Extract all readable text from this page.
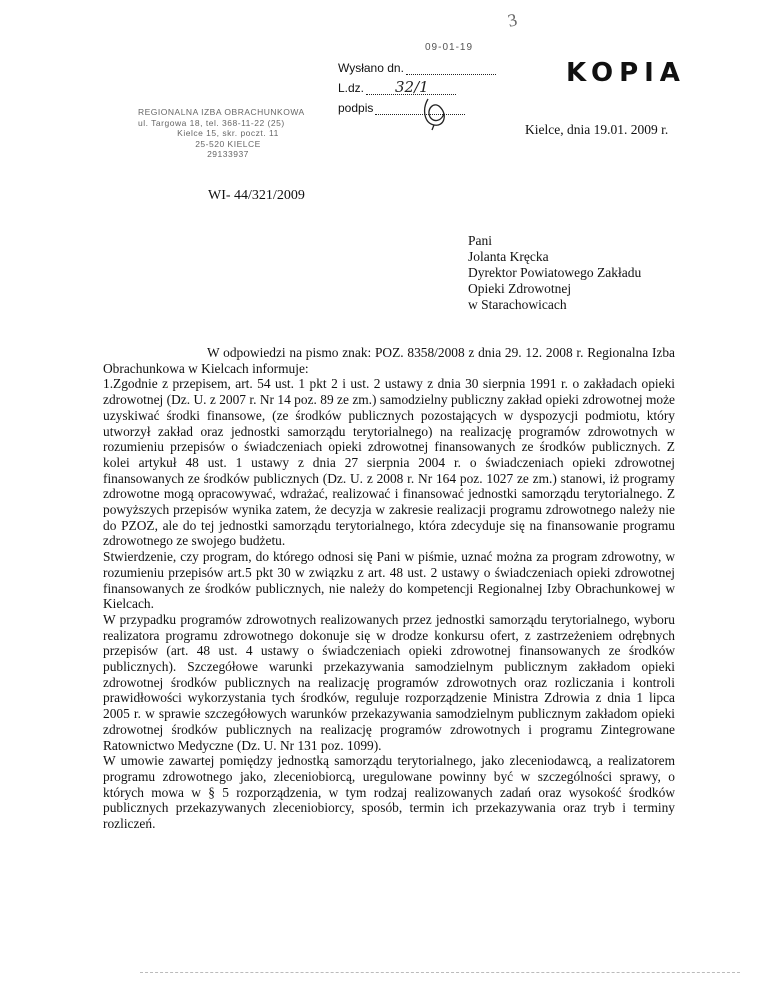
3
Wysłano dn.
L.dz.
podpis
09-01-19
32/1	KOPIA
Kielce, dnia 19.01. 2009 r.
REGIONALNA IZBA OBRACHUNKOWA
ul. Targowa 18, tel. 368-11-22 (25)
Kielce 15, skr. poczt. 11
25-520 KIELCE
29133937
WI- 44/321/2009
Pani
Jolanta Kręcka
Dyrektor Powiatowego Zakładu
Opieki Zdrowotnej
w Starachowicach

W odpowiedzi na pismo znak: POZ. 8358/2008 z dnia 29. 12. 2008 r. Regionalna Izba Obrachunkowa w Kielcach informuje:

1.Zgodnie z przepisem, art. 54 ust. 1 pkt 2 i ust. 2 ustawy z dnia 30 sierpnia 1991 r. o zakładach opieki zdrowotnej (Dz. U. z 2007 r. Nr 14 poz. 89 ze zm.) samodzielny publiczny zakład opieki zdrowotnej może uzyskiwać środki finansowe, (ze środków publicznych pozostających w dyspozycji podmiotu, który utworzył zakład oraz jednostki samorządu terytorialnego) na realizację programów zdrowotnych w rozumieniu przepisów o świadczeniach opieki zdrowotnej finansowanych ze środków publicznych. Z kolei artykuł 48 ust. 1 ustawy z dnia 27 sierpnia 2004 r. o świadczeniach opieki zdrowotnej finansowanych ze środków publicznych (Dz. U. z 2008 r. Nr 164 poz. 1027 ze zm.) stanowi, iż programy zdrowotne mogą opracowywać, wdrażać, realizować i finansować jednostki samorządu terytorialnego. Z powyższych przepisów wynika zatem, że decyzja w zakresie realizacji programu zdrowotnego należy nie do PZOZ, ale do tej jednostki samorządu terytorialnego, która zdecyduje się na finansowanie programu zdrowotnego ze swojego budżetu.

Stwierdzenie, czy program, do którego odnosi się Pani w piśmie, uznać można za program zdrowotny, w rozumieniu przepisów art.5 pkt 30 w związku z art. 48 ust. 2 ustawy o świadczeniach opieki zdrowotnej finansowanych ze środków publicznych, nie należy do kompetencji Regionalnej Izby Obrachunkowej w Kielcach.

W przypadku programów zdrowotnych realizowanych przez jednostki samorządu terytorialnego, wyboru realizatora programu zdrowotnego dokonuje się w drodze konkursu ofert, z zastrzeżeniem odrębnych przepisów (art. 48 ust. 4 ustawy o świadczeniach opieki zdrowotnej finansowanych ze środków publicznych). Szczegółowe warunki przekazywania samodzielnym publicznym zakładom opieki zdrowotnej środków publicznych na realizację programów zdrowotnych oraz rozliczania i kontroli prawidłowości wykorzystania tych środków, reguluje rozporządzenie Ministra Zdrowia z dnia 1 lipca 2005 r. w sprawie szczegółowych warunków przekazywania samodzielnym publicznym zakładom opieki zdrowotnej środków publicznych na realizację programów zdrowotnych i programu Zintegrowane Ratownictwo Medyczne (Dz. U. Nr 131 poz. 1099).

W umowie zawartej pomiędzy jednostką samorządu terytorialnego, jako zleceniodawcą, a realizatorem programu zdrowotnego jako, zleceniobiorcą, uregulowane powinny być w szczególności sprawy, o których mowa w § 5 rozporządzenia, w tym rodzaj realizowanych zadań oraz wysokość środków publicznych przekazywanych zleceniobiorcy, sposób, termin ich przekazywania oraz tryb i terminy rozliczeń.
